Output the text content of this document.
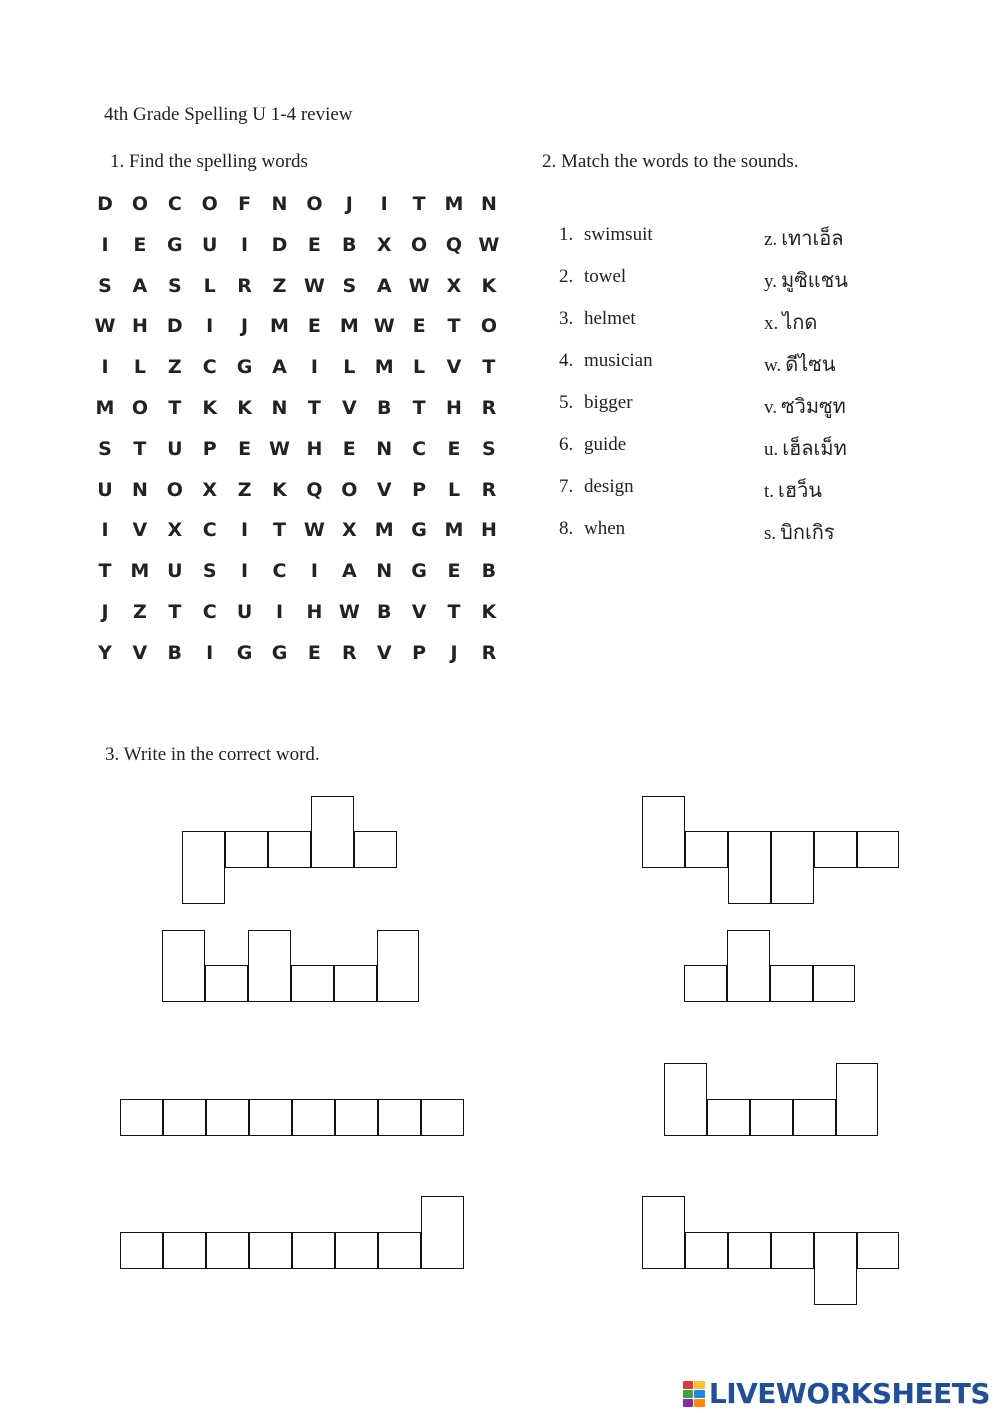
4th Grade Spelling U 1-4 review
1. Find the spelling words	2. Match the words to the sounds.
3. Write in the correct word.
D O	C	O	F	N O	J	I	T M N
I	E	G	U	I	D	E	B	X	O Q W
S	A	S	L	R	Z W S	A W X	K
W H	D	I	J	M E M W E	T	O
I	L	Z	C	G	A	I	L	M	L	V	T
M O	T	K	K	N	T	V	B	T	H	R
S	T	U	P	E W H	E	N	C	E	S
U	N O	X	Z	K	Q O	V	P	L	R
I	V	X	C	I	T W X M G M H
T M U	S	I	C	I	A	N	G	E	B
J	Z	T	C	U	I	H W B	V	T	K
Y	V	B	I	G	G	E	R	V	P	J	R
1. swimsuit	z. เทาเอ็ล
2. towel	y. มูซิแชน
3. helmet	x. ไกด
4. musician	w. ดีไซน
5. bigger	v. ซวิมซูท
6. guide	u. เฮ็ลเม็ท
7. design	t. เฮว็น
8. when	s. บิกเกิร
LIVEWORKSHEETS
